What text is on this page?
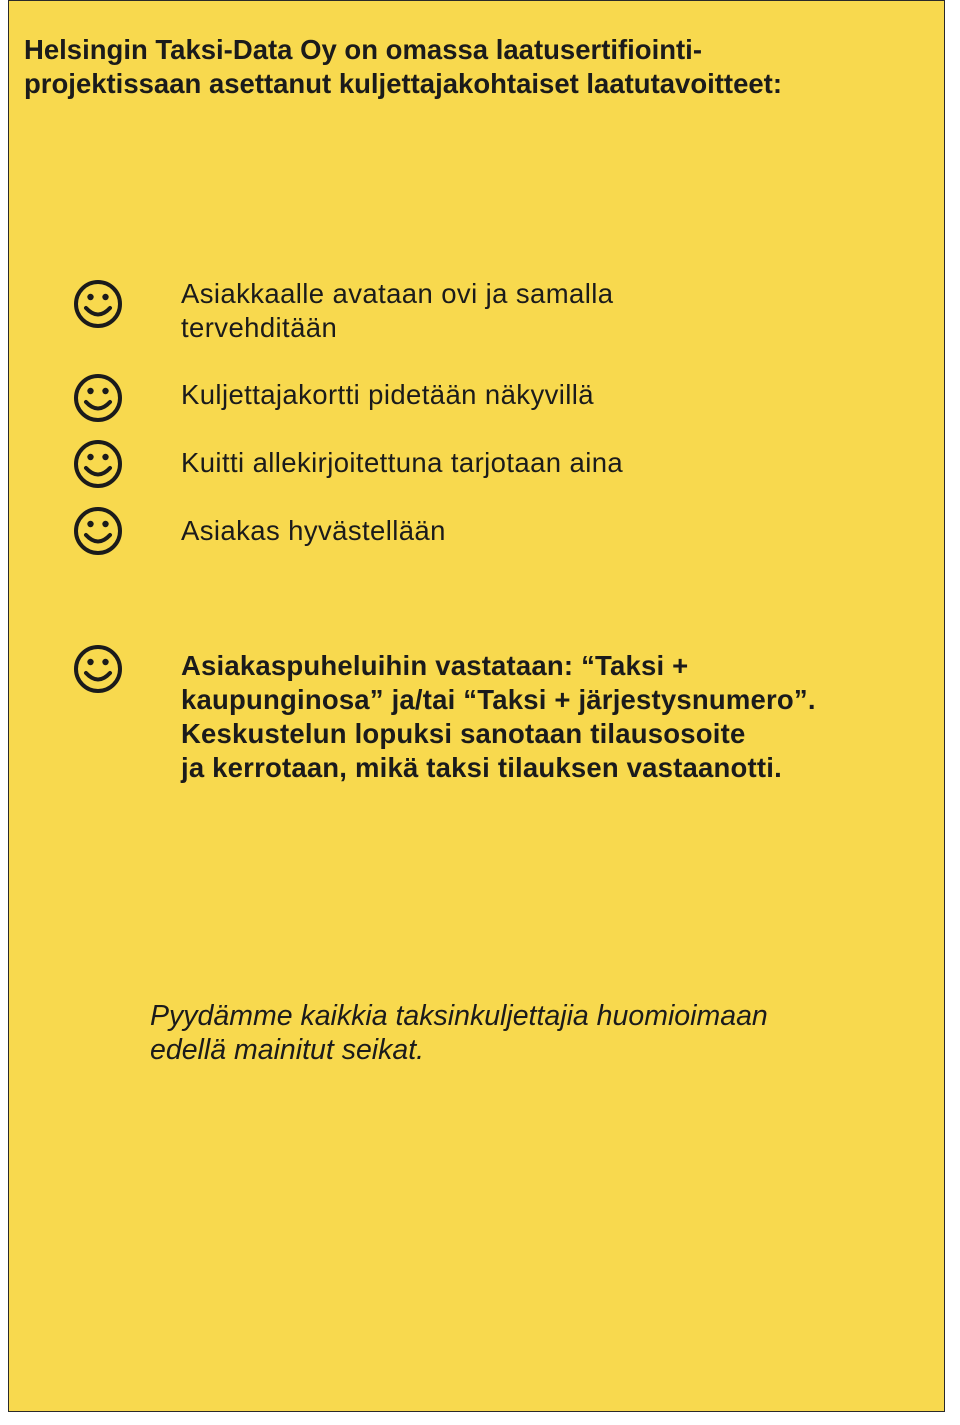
Helsingin Taksi-Data Oy on omassa laatusertifiointi-
projektissaan asettanut kuljettajakohtaiset laatutavoitteet:
Asiakkaalle avataan ovi ja samalla
tervehditään
Kuljettajakortti pidetään näkyvillä
Kuitti allekirjoitettuna tarjotaan aina
Asiakas hyvästellään
Asiakaspuheluihin vastataan: “Taksi +
kaupunginosa” ja/tai “Taksi + järjestysnumero”.
Keskustelun lopuksi sanotaan tilausosoite
ja kerrotaan, mikä taksi tilauksen vastaanotti.
Pyydämme kaikkia taksinkuljettajia huomioimaan
edellä mainitut seikat.
